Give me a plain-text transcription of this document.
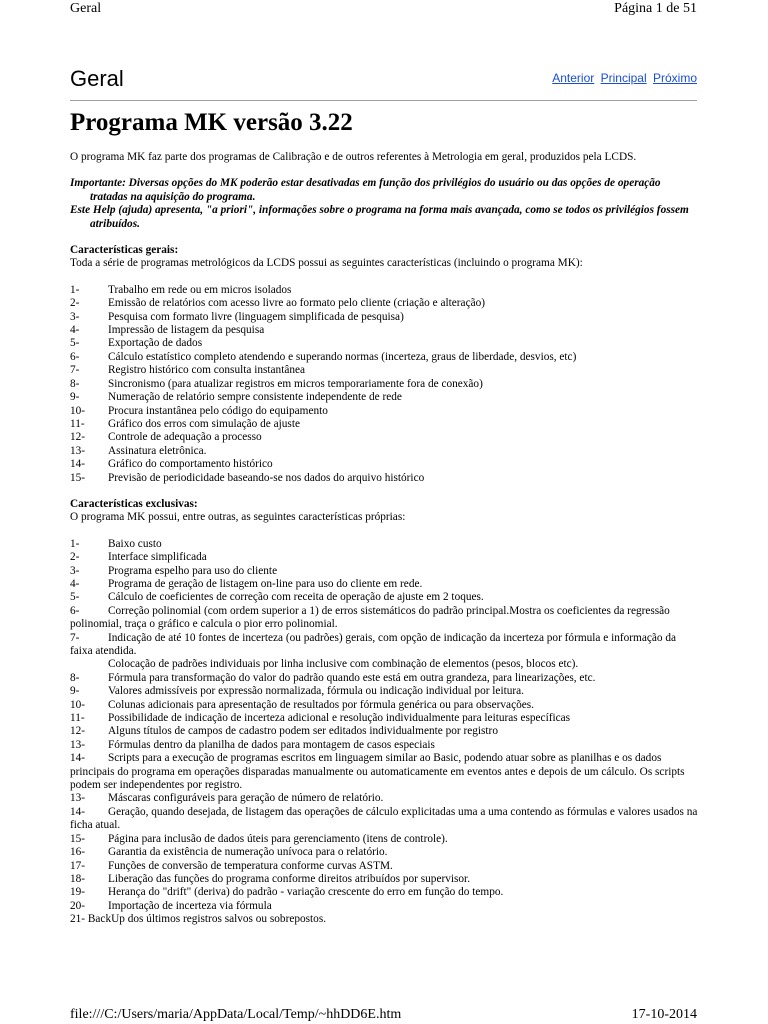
Geral	Página 1 de 51
Geral	Anterior Principal Próximo
Programa MK versão 3.22

O programa MK faz parte dos programas de Calibração e de outros referentes à Metrologia em geral, produzidos pela LCDS.

Importante: Diversas opções do MK poderão estar desativadas em função dos privilégios do usuário ou das opções de operação tratadas na aquisição do programa.

Este Help (ajuda) apresenta, "a priori", informações sobre o programa na forma mais avançada, como se todos os privilégios fossem atribuídos.

Características gerais:

Toda a série de programas metrológicos da LCDS possui as seguintes características (incluindo o programa MK):

1-	Trabalho em rede ou em micros isolados
2-	Emissão de relatórios com acesso livre ao formato pelo cliente (criação e alteração)
3-	Pesquisa com formato livre (linguagem simplificada de pesquisa)
4-	Impressão de listagem da pesquisa
5-	Exportação de dados
6-	Cálculo estatístico completo atendendo e superando normas (incerteza, graus de liberdade, desvios, etc)
7-	Registro histórico com consulta instantânea
8-	Sincronismo (para atualizar registros em micros temporariamente fora de conexão)
9-	Numeração de relatório sempre consistente independente de rede
10- Procura instantânea pelo código do equipamento
11- Gráfico dos erros com simulação de ajuste
12- Controle de adequação a processo
13- Assinatura eletrônica.
14- Gráfico do comportamento histórico
15- Previsão de periodicidade baseando-se nos dados do arquivo histórico

Características exclusivas:

O programa MK possui, entre outras, as seguintes características próprias:

1-	Baixo custo
2-	Interface simplificada
3-	Programa espelho para uso do cliente
4-	Programa de geração de listagem on-line para uso do cliente em rede.
5-	Cálculo de coeficientes de correção com receita de operação de ajuste em 2 toques.
6-	Correção polinomial (com ordem superior a 1) de erros sistemáticos do padrão principal.Mostra os coeficientes da regressão polinomial, traça o gráfico e calcula o pior erro polinomial.
7-	Indicação de até 10 fontes de incerteza (ou padrões) gerais, com opção de indicação da incerteza por fórmula e informação da faixa atendida.
Colocação de padrões individuais por linha inclusive com combinação de elementos (pesos, blocos etc).
8-	Fórmula para transformação do valor do padrão quando este está em outra grandeza, para linearizações, etc.
9-	Valores admissíveis por expressão normalizada, fórmula ou indicação individual por leitura.
10- Colunas adicionais para apresentação de resultados por fórmula genérica ou para observações.
11- Possibilidade de indicação de incerteza adicional e resolução individualmente para leituras específicas
12- Alguns títulos de campos de cadastro podem ser editados individualmente por registro
13- Fórmulas dentro da planilha de dados para montagem de casos especiais
14- Scripts para a execução de programas escritos em linguagem similar ao Basic, podendo atuar sobre as planilhas e os dados principais do programa em operações disparadas manualmente ou automaticamente em eventos antes e depois de um cálculo. Os scripts podem ser independentes por registro.
13- Máscaras configuráveis para geração de número de relatório.
14- Geração, quando desejada, de listagem das operações de cálculo explicitadas uma a uma contendo as fórmulas e valores usados na ficha atual.
15- Página para inclusão de dados úteis para gerenciamento (itens de controle).
16- Garantia da existência de numeração unívoca para o relatório.
17- Funções de conversão de temperatura conforme curvas ASTM.
18- Liberação das funções do programa conforme direitos atribuídos por supervisor.
19- Herança do "drift" (deriva) do padrão - variação crescente do erro em função do tempo.
20- Importação de incerteza via fórmula

21- BackUp dos últimos registros salvos ou sobrepostos.

file:///C:/Users/maria/AppData/Local/Temp/~hhDD6E.htm	17-10-2014
